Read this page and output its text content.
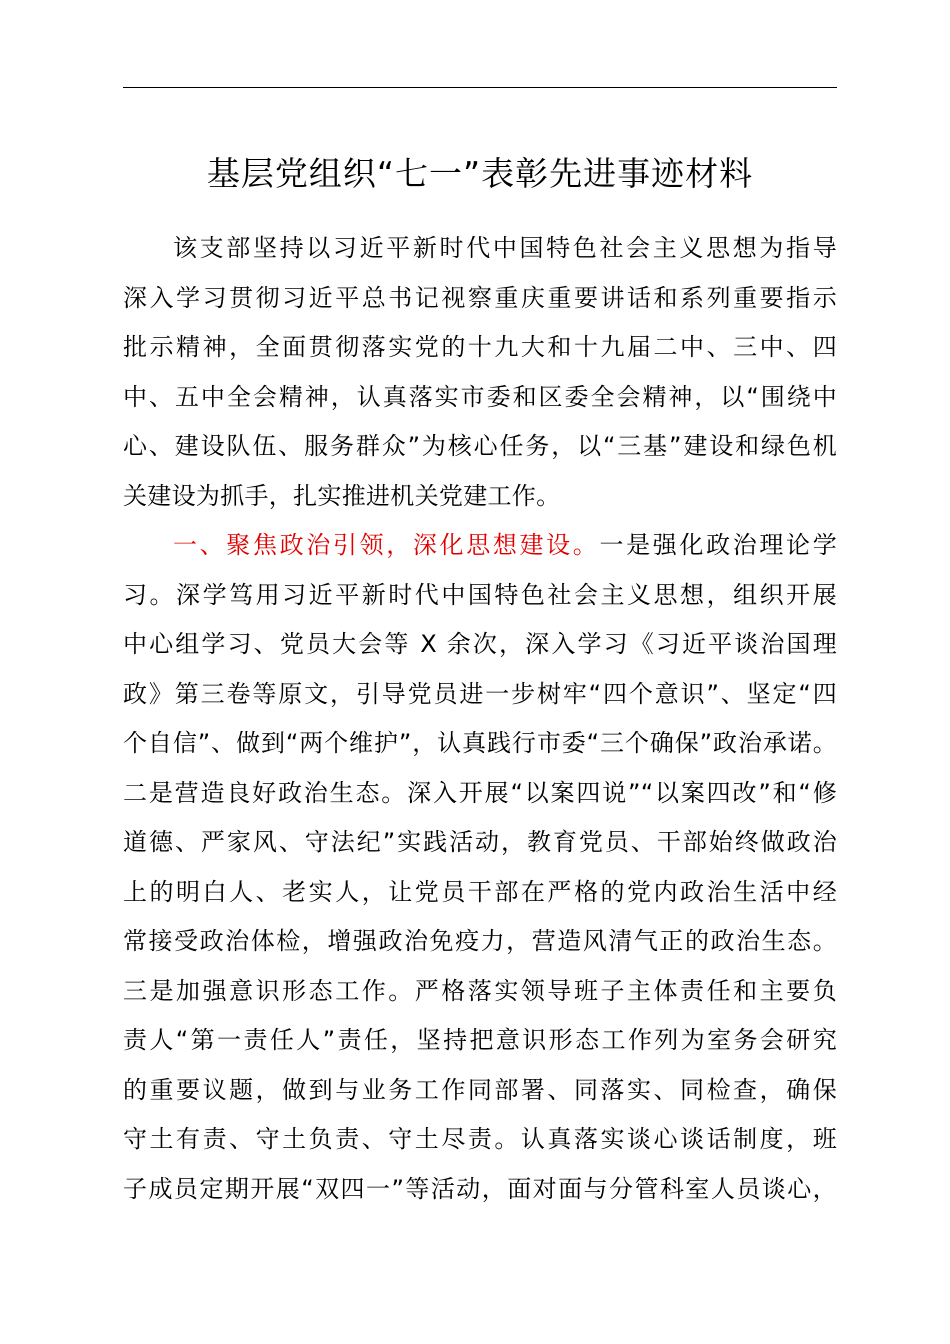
基层党组织“七一”表彰先进事迹材料
该支部坚持以习近平新时代中国特色社会主义思想为指导
深入学习贯彻习近平总书记视察重庆重要讲话和系列重要指示
批示精神，全面贯彻落实党的十九大和十九届二中、三中、四
中、五中全会精神，认真落实市委和区委全会精神，以“围绕中
心、建设队伍、服务群众”为核心任务，以“三基”建设和绿色机
关建设为抓手，扎实推进机关党建工作。
一、聚焦政治引领，深化思想建设。一是强化政治理论学
习。深学笃用习近平新时代中国特色社会主义思想，组织开展
中心组学习、党员大会等 X 余次，深入学习《习近平谈治国理
政》第三卷等原文，引导党员进一步树牢“四个意识”、坚定“四
个自信”、做到“两个维护”，认真践行市委“三个确保”政治承诺。
二是营造良好政治生态。深入开展“以案四说”“以案四改”和“修
道德、严家风、守法纪”实践活动，教育党员、干部始终做政治
上的明白人、老实人，让党员干部在严格的党内政治生活中经
常接受政治体检，增强政治免疫力，营造风清气正的政治生态。
三是加强意识形态工作。严格落实领导班子主体责任和主要负
责人“第一责任人”责任，坚持把意识形态工作列为室务会研究
的重要议题，做到与业务工作同部署、同落实、同检查，确保
守土有责、守土负责、守土尽责。认真落实谈心谈话制度，班
子成员定期开展“双四一”等活动，面对面与分管科室人员谈心，
